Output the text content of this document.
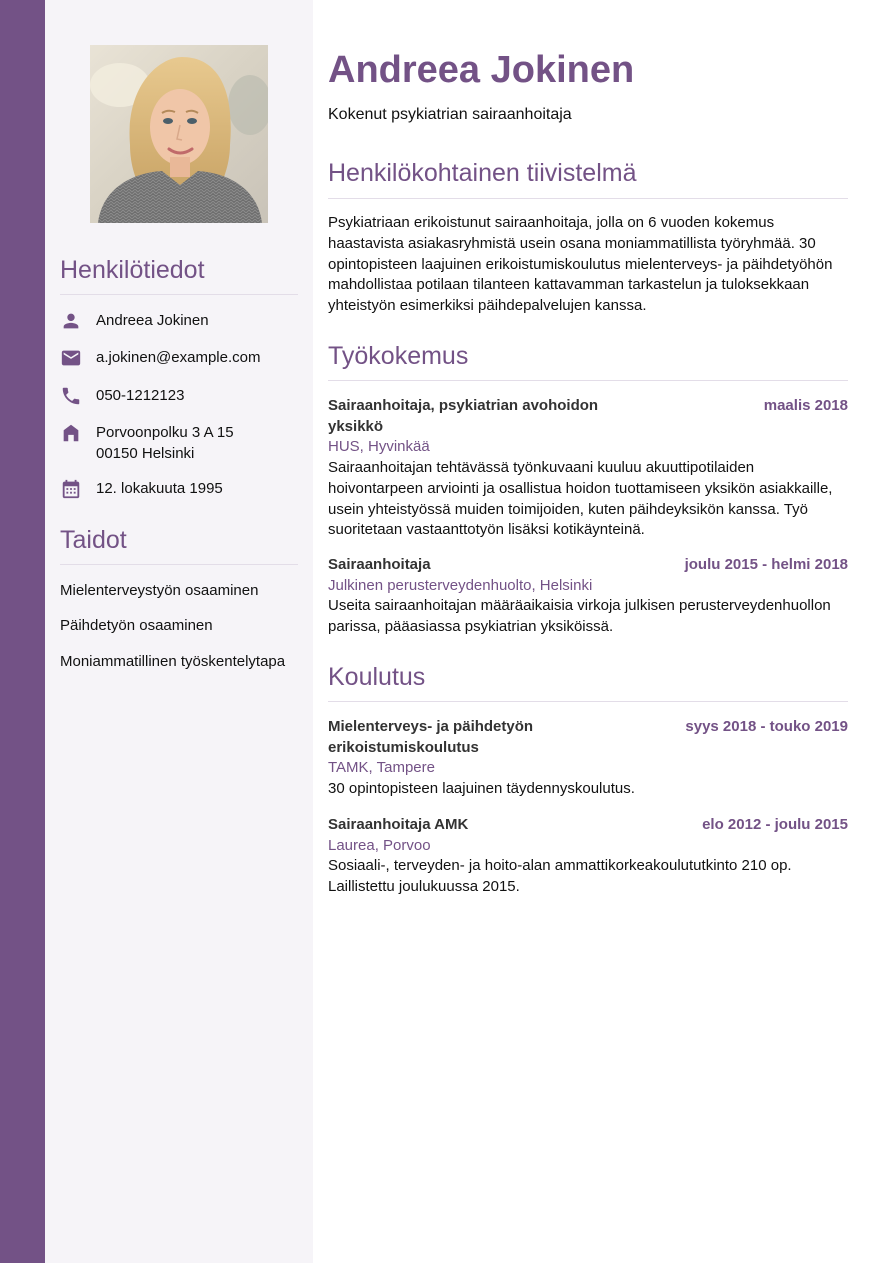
Henkilötiedot
Andreea Jokinen
a.jokinen@example.com
050-1212123
Porvoonpolku 3 A 15
00150 Helsinki
12. lokakuuta 1995
Taidot
Mielenterveystyön osaaminen
Päihdetyön osaaminen
Moniammatillinen työskentelytapa
Andreea Jokinen
Kokenut psykiatrian sairaanhoitaja
Henkilökohtainen tiivistelmä
Psykiatriaan erikoistunut sairaanhoitaja, jolla on 6 vuoden kokemus haastavista asiakasryhmistä usein osana moniammatillista työryhmää. 30 opintopisteen laajuinen erikoistumiskoulutus mielenterveys- ja päihdetyöhön mahdollistaa potilaan tilanteen kattavamman tarkastelun ja tuloksekkaan yhteistyön esimerkiksi päihdepalvelujen kanssa.
Työkokemus
Sairaanhoitaja, psykiatrian avohoidon yksikkö
maalis 2018
HUS, Hyvinkää
Sairaanhoitajan tehtävässä työnkuvaani kuuluu akuuttipotilaiden hoivontarpeen arviointi ja osallistua hoidon tuottamiseen yksikön asiakkaille, usein yhteistyössä muiden toimijoiden, kuten päihdeyksikön kanssa. Työ suoritetaan vastaanttotyön lisäksi kotikäynteinä.
Sairaanhoitaja	joulu 2015 - helmi 2018
Julkinen perusterveydenhuolto, Helsinki
Useita sairaanhoitajan määräaikaisia virkoja julkisen perusterveydenhuollon parissa, pääasiassa psykiatrian yksiköissä.
Koulutus
Mielenterveys- ja päihdetyön erikoistumiskoulutus
syys 2018 - touko 2019
TAMK, Tampere
30 opintopisteen laajuinen täydennyskoulutus.
Sairaanhoitaja AMK	elo 2012 - joulu 2015
Laurea, Porvoo
Sosiaali-, terveyden- ja hoito-alan ammattikorkeakoulututkinto 210 op. Laillistettu joulukuussa 2015.
